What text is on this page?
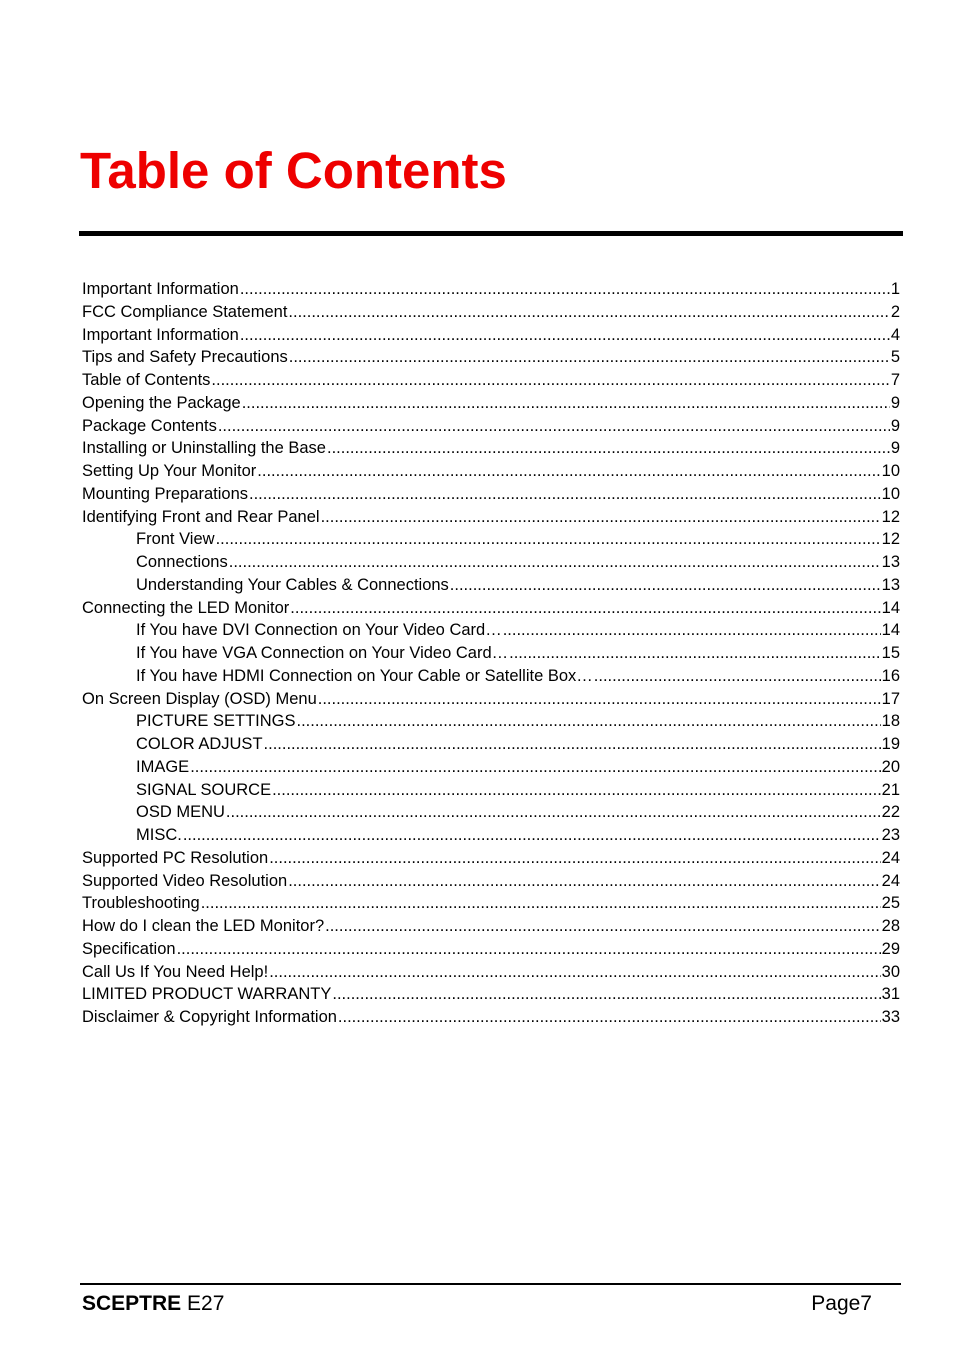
Table of Contents
Important Information .....	1
FCC Compliance Statement .....	2
Important Information .....	4
Tips and Safety Precautions .....	5
Table of Contents .....	7
Opening the Package .....	9
Package Contents .....	9
Installing or Uninstalling the Base .....	9
Setting Up Your Monitor .....	10
Mounting Preparations .....	10
Identifying Front and Rear Panel .....	12
Front View .....	12
Connections .....	13
Understanding Your Cables & Connections .....	13
Connecting the LED Monitor .....	14
If You have DVI Connection on Your Video Card… .....	14
If You have VGA Connection on Your Video Card… .....	15
If You have HDMI Connection on Your Cable or Satellite Box… .....	16
On Screen Display (OSD) Menu .....	17
PICTURE SETTINGS .....	18
COLOR ADJUST .....	19
IMAGE .....	20
SIGNAL SOURCE .....	21
OSD MENU .....	22
MISC. .....	23
Supported PC Resolution .....	24
Supported Video Resolution .....	24
Troubleshooting .....	25
How do I clean the LED Monitor? .....	28
Specification .....	29
Call Us If You Need Help! .....	30
LIMITED PRODUCT WARRANTY .....	31
Disclaimer & Copyright Information .....	33
SCEPTRE E27	Page7
